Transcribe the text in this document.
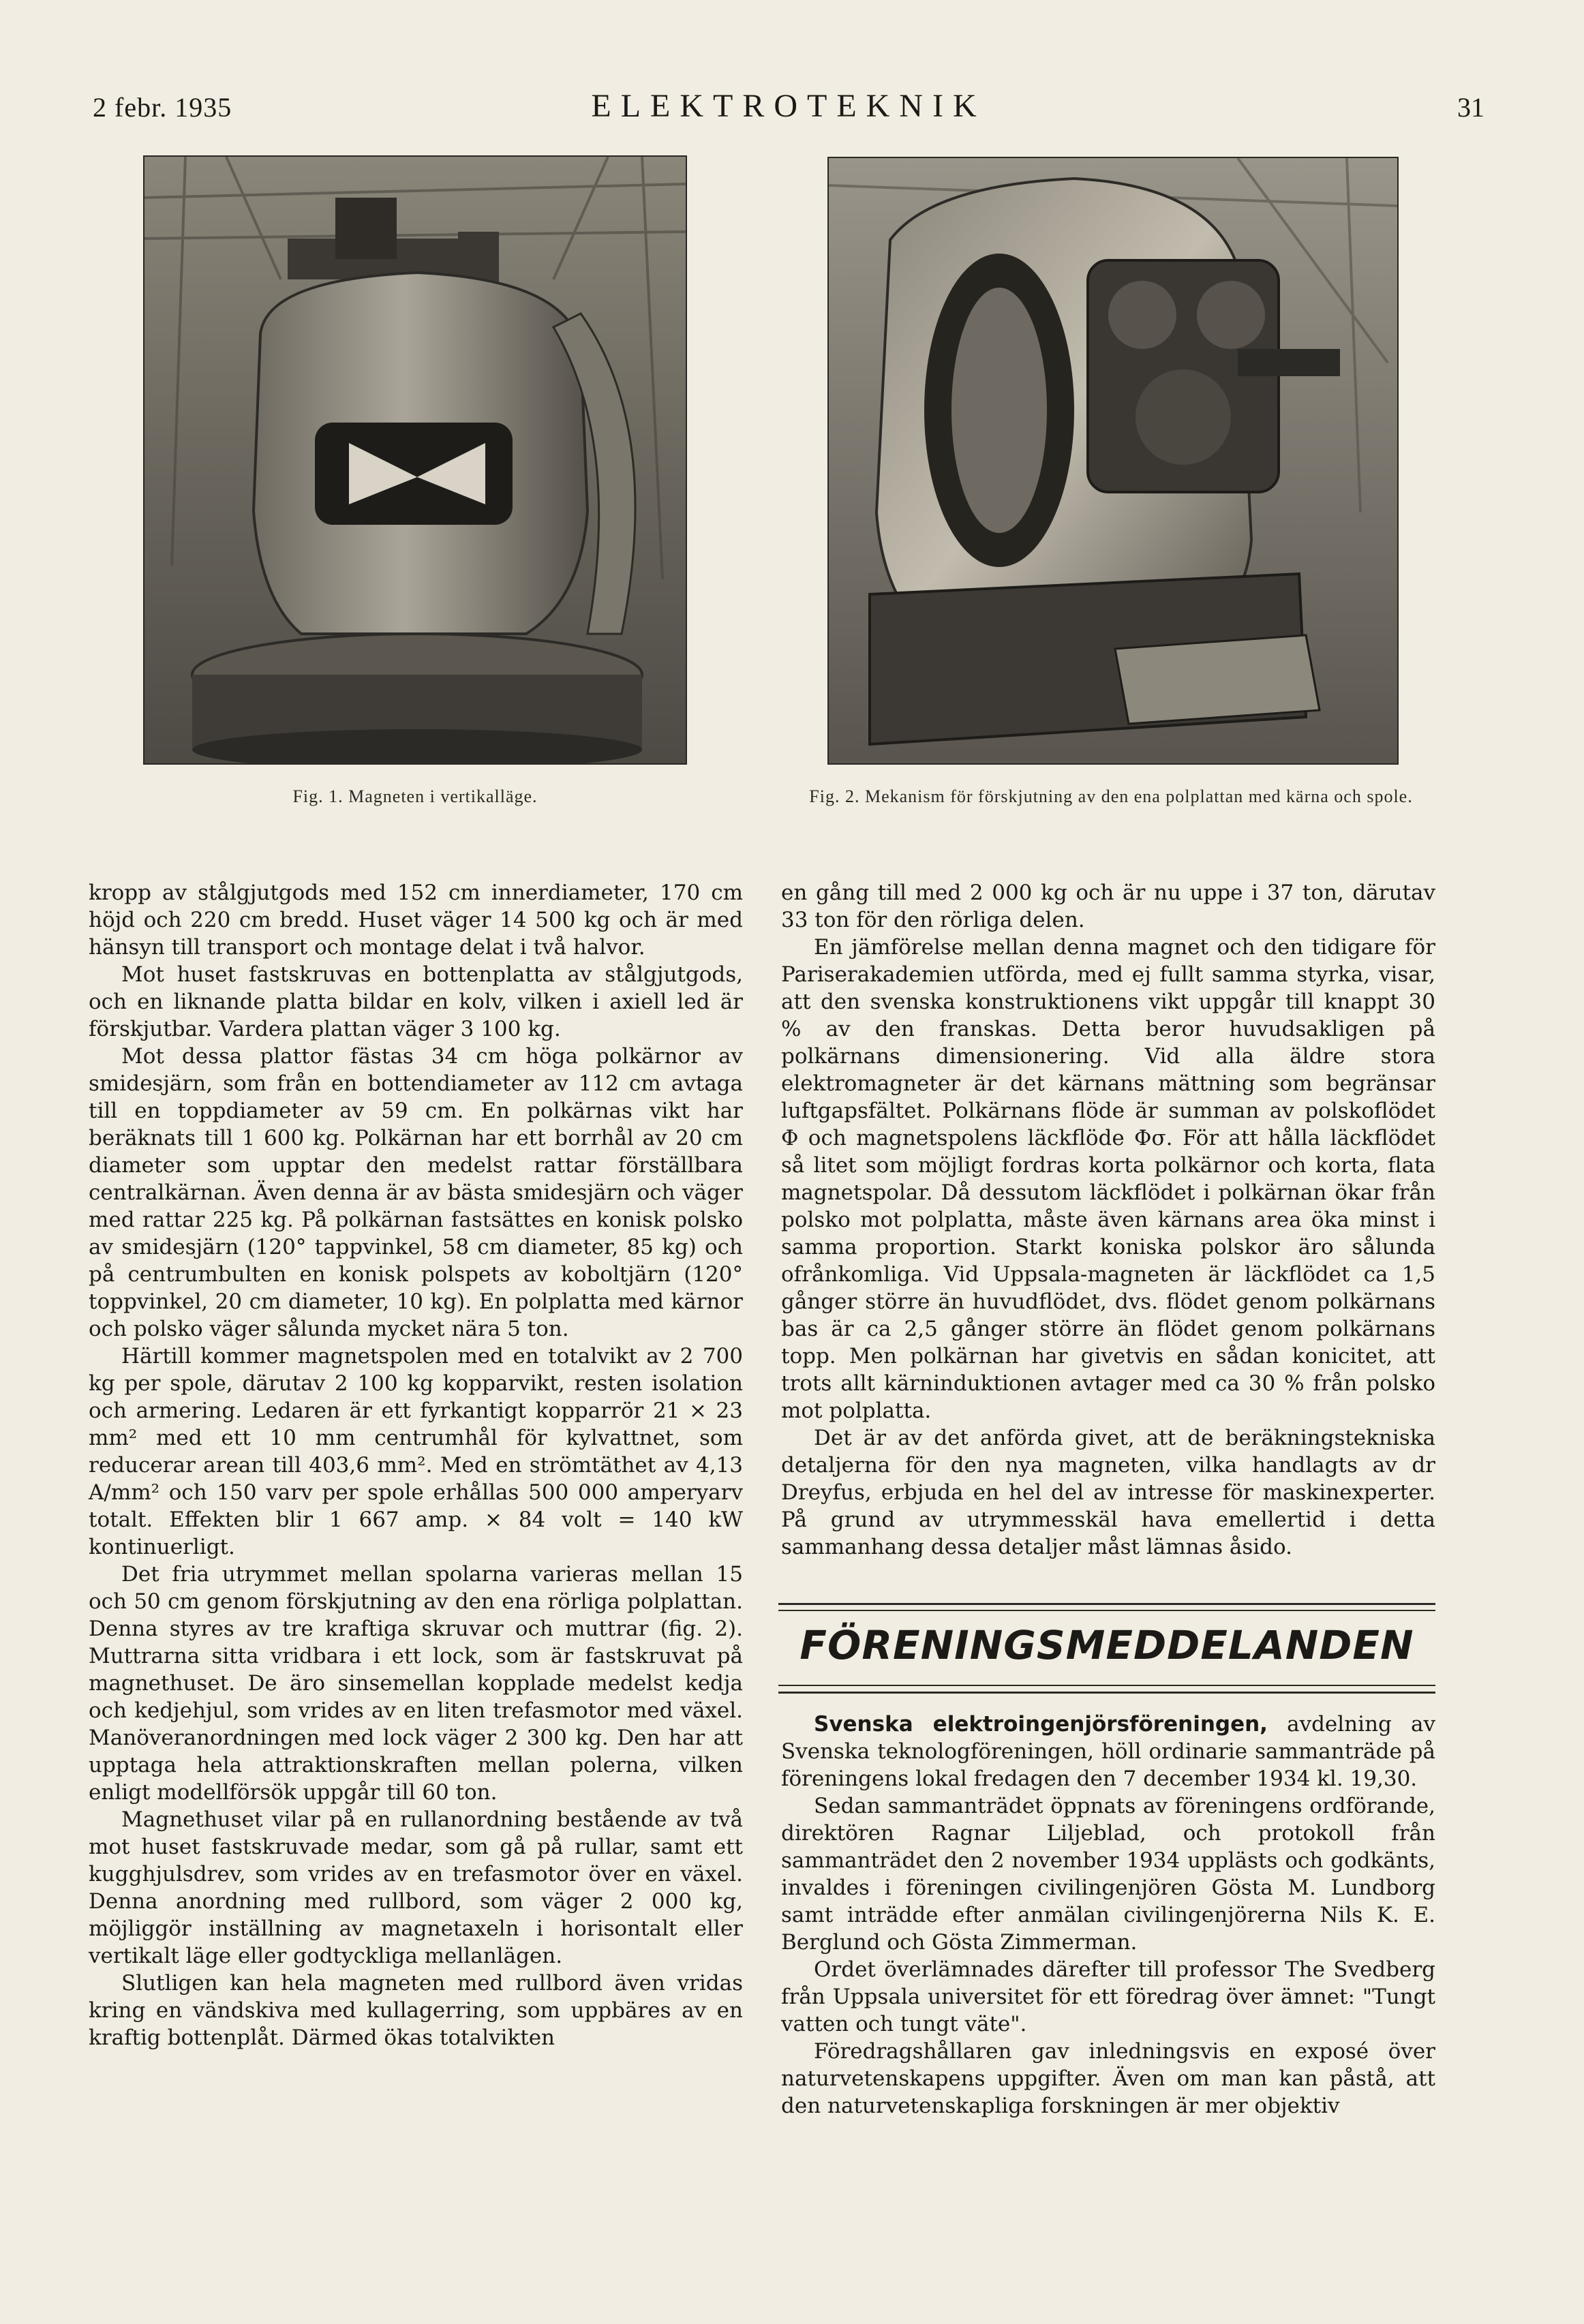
2 febr. 1935	ELEKTROTEKNIK	31
Fig. 1. Magneten i vertikalläge.	Fig. 2. Mekanism för förskjutning av den ena polplattan med kärna och spole.

kropp av stålgjutgods med 152 cm innerdiameter, 170 cm höjd och 220 cm bredd. Huset väger 14 500 kg och är med hänsyn till transport och montage delat i två halvor.

Mot huset fastskruvas en bottenplatta av stålgjutgods, och en liknande platta bildar en kolv, vilken i axiell led är förskjutbar. Vardera plattan väger 3 100 kg.

Mot dessa plattor fästas 34 cm höga polkärnor av smidesjärn, som från en bottendiameter av 112 cm avtaga till en toppdiameter av 59 cm. En polkärnas vikt har beräknats till 1 600 kg. Polkärnan har ett borrhål av 20 cm diameter som upptar den medelst rattar förställbara centralkärnan. Även denna är av bästa smidesjärn och väger med rattar 225 kg. På polkärnan fastsättes en konisk polsko av smidesjärn (120° tappvinkel, 58 cm diameter, 85 kg) och på centrumbulten en konisk polspets av koboltjärn (120° toppvinkel, 20 cm diameter, 10 kg). En polplatta med kärnor och polsko väger sålunda mycket nära 5 ton.

Härtill kommer magnetspolen med en totalvikt av 2 700 kg per spole, därutav 2 100 kg kopparvikt, resten isolation och armering. Ledaren är ett fyrkantigt kopparrör 21 × 23 mm² med ett 10 mm centrumhål för kylvattnet, som reducerar arean till 403,6 mm². Med en strömtäthet av 4,13 A/mm² och 150 varv per spole erhållas 500 000 amperyarv totalt. Effekten blir 1 667 amp. × 84 volt = 140 kW kontinuerligt.

Det fria utrymmet mellan spolarna varieras mellan 15 och 50 cm genom förskjutning av den ena rörliga polplattan. Denna styres av tre kraftiga skruvar och muttrar (fig. 2). Muttrarna sitta vridbara i ett lock, som är fastskruvat på magnethuset. De äro sinsemellan kopplade medelst kedja och kedjehjul, som vrides av en liten trefasmotor med växel. Manöveranordningen med lock väger 2 300 kg. Den har att upptaga hela attraktionskraften mellan polerna, vilken enligt modellförsök uppgår till 60 ton.

Magnethuset vilar på en rullanordning bestående av två mot huset fastskruvade medar, som gå på rullar, samt ett kugghjulsdrev, som vrides av en trefasmotor över en växel. Denna anordning med rullbord, som väger 2 000 kg, möjliggör inställning av magnetaxeln i horisontalt eller vertikalt läge eller godtyckliga mellanlägen.

Slutligen kan hela magneten med rullbord även vridas kring en vändskiva med kullagerring, som uppbäres av en kraftig bottenplåt. Därmed ökas totalvikten

en gång till med 2 000 kg och är nu uppe i 37 ton, därutav 33 ton för den rörliga delen.

En jämförelse mellan denna magnet och den tidigare för Pariserakademien utförda, med ej fullt samma styrka, visar, att den svenska konstruktionens vikt uppgår till knappt 30 % av den franskas. Detta beror huvudsakligen på polkärnans dimensionering. Vid alla äldre stora elektromagneter är det kärnans mättning som begränsar luftgapsfältet. Polkärnans flöde är summan av polskoflödet Φ och magnetspolens läckflöde Φσ. För att hålla läckflödet så litet som möjligt fordras korta polkärnor och korta, flata magnetspolar. Då dessutom läckflödet i polkärnan ökar från polsko mot polplatta, måste även kärnans area öka minst i samma proportion. Starkt koniska polskor äro sålunda ofrånkomliga. Vid Uppsala-magneten är läckflödet ca 1,5 gånger större än huvudflödet, dvs. flödet genom polkärnans bas är ca 2,5 gånger större än flödet genom polkärnans topp. Men polkärnan har givetvis en sådan konicitet, att trots allt kärninduktionen avtager med ca 30 % från polsko mot polplatta.

Det är av det anförda givet, att de beräkningstekniska detaljerna för den nya magneten, vilka handlagts av dr Dreyfus, erbjuda en hel del av intresse för maskinexperter. På grund av utrymmesskäl hava emellertid i detta sammanhang dessa detaljer måst lämnas åsido.

FÖRENINGSMEDDELANDEN

Svenska elektroingenjörsföreningen, avdelning av Svenska teknologföreningen, höll ordinarie sammanträde på föreningens lokal fredagen den 7 december 1934 kl. 19,30.

Sedan sammanträdet öppnats av föreningens ordförande, direktören Ragnar Liljeblad, och protokoll från sammanträdet den 2 november 1934 upplästs och godkänts, invaldes i föreningen civilingenjören Gösta M. Lundborg samt inträdde efter anmälan civilingenjörerna Nils K. E. Berglund och Gösta Zimmerman.

Ordet överlämnades därefter till professor The Svedberg från Uppsala universitet för ett föredrag över ämnet: "Tungt vatten och tungt väte".

Föredragshållaren gav inledningsvis en exposé över naturvetenskapens uppgifter. Även om man kan påstå, att den naturvetenskapliga forskningen är mer objektiv
